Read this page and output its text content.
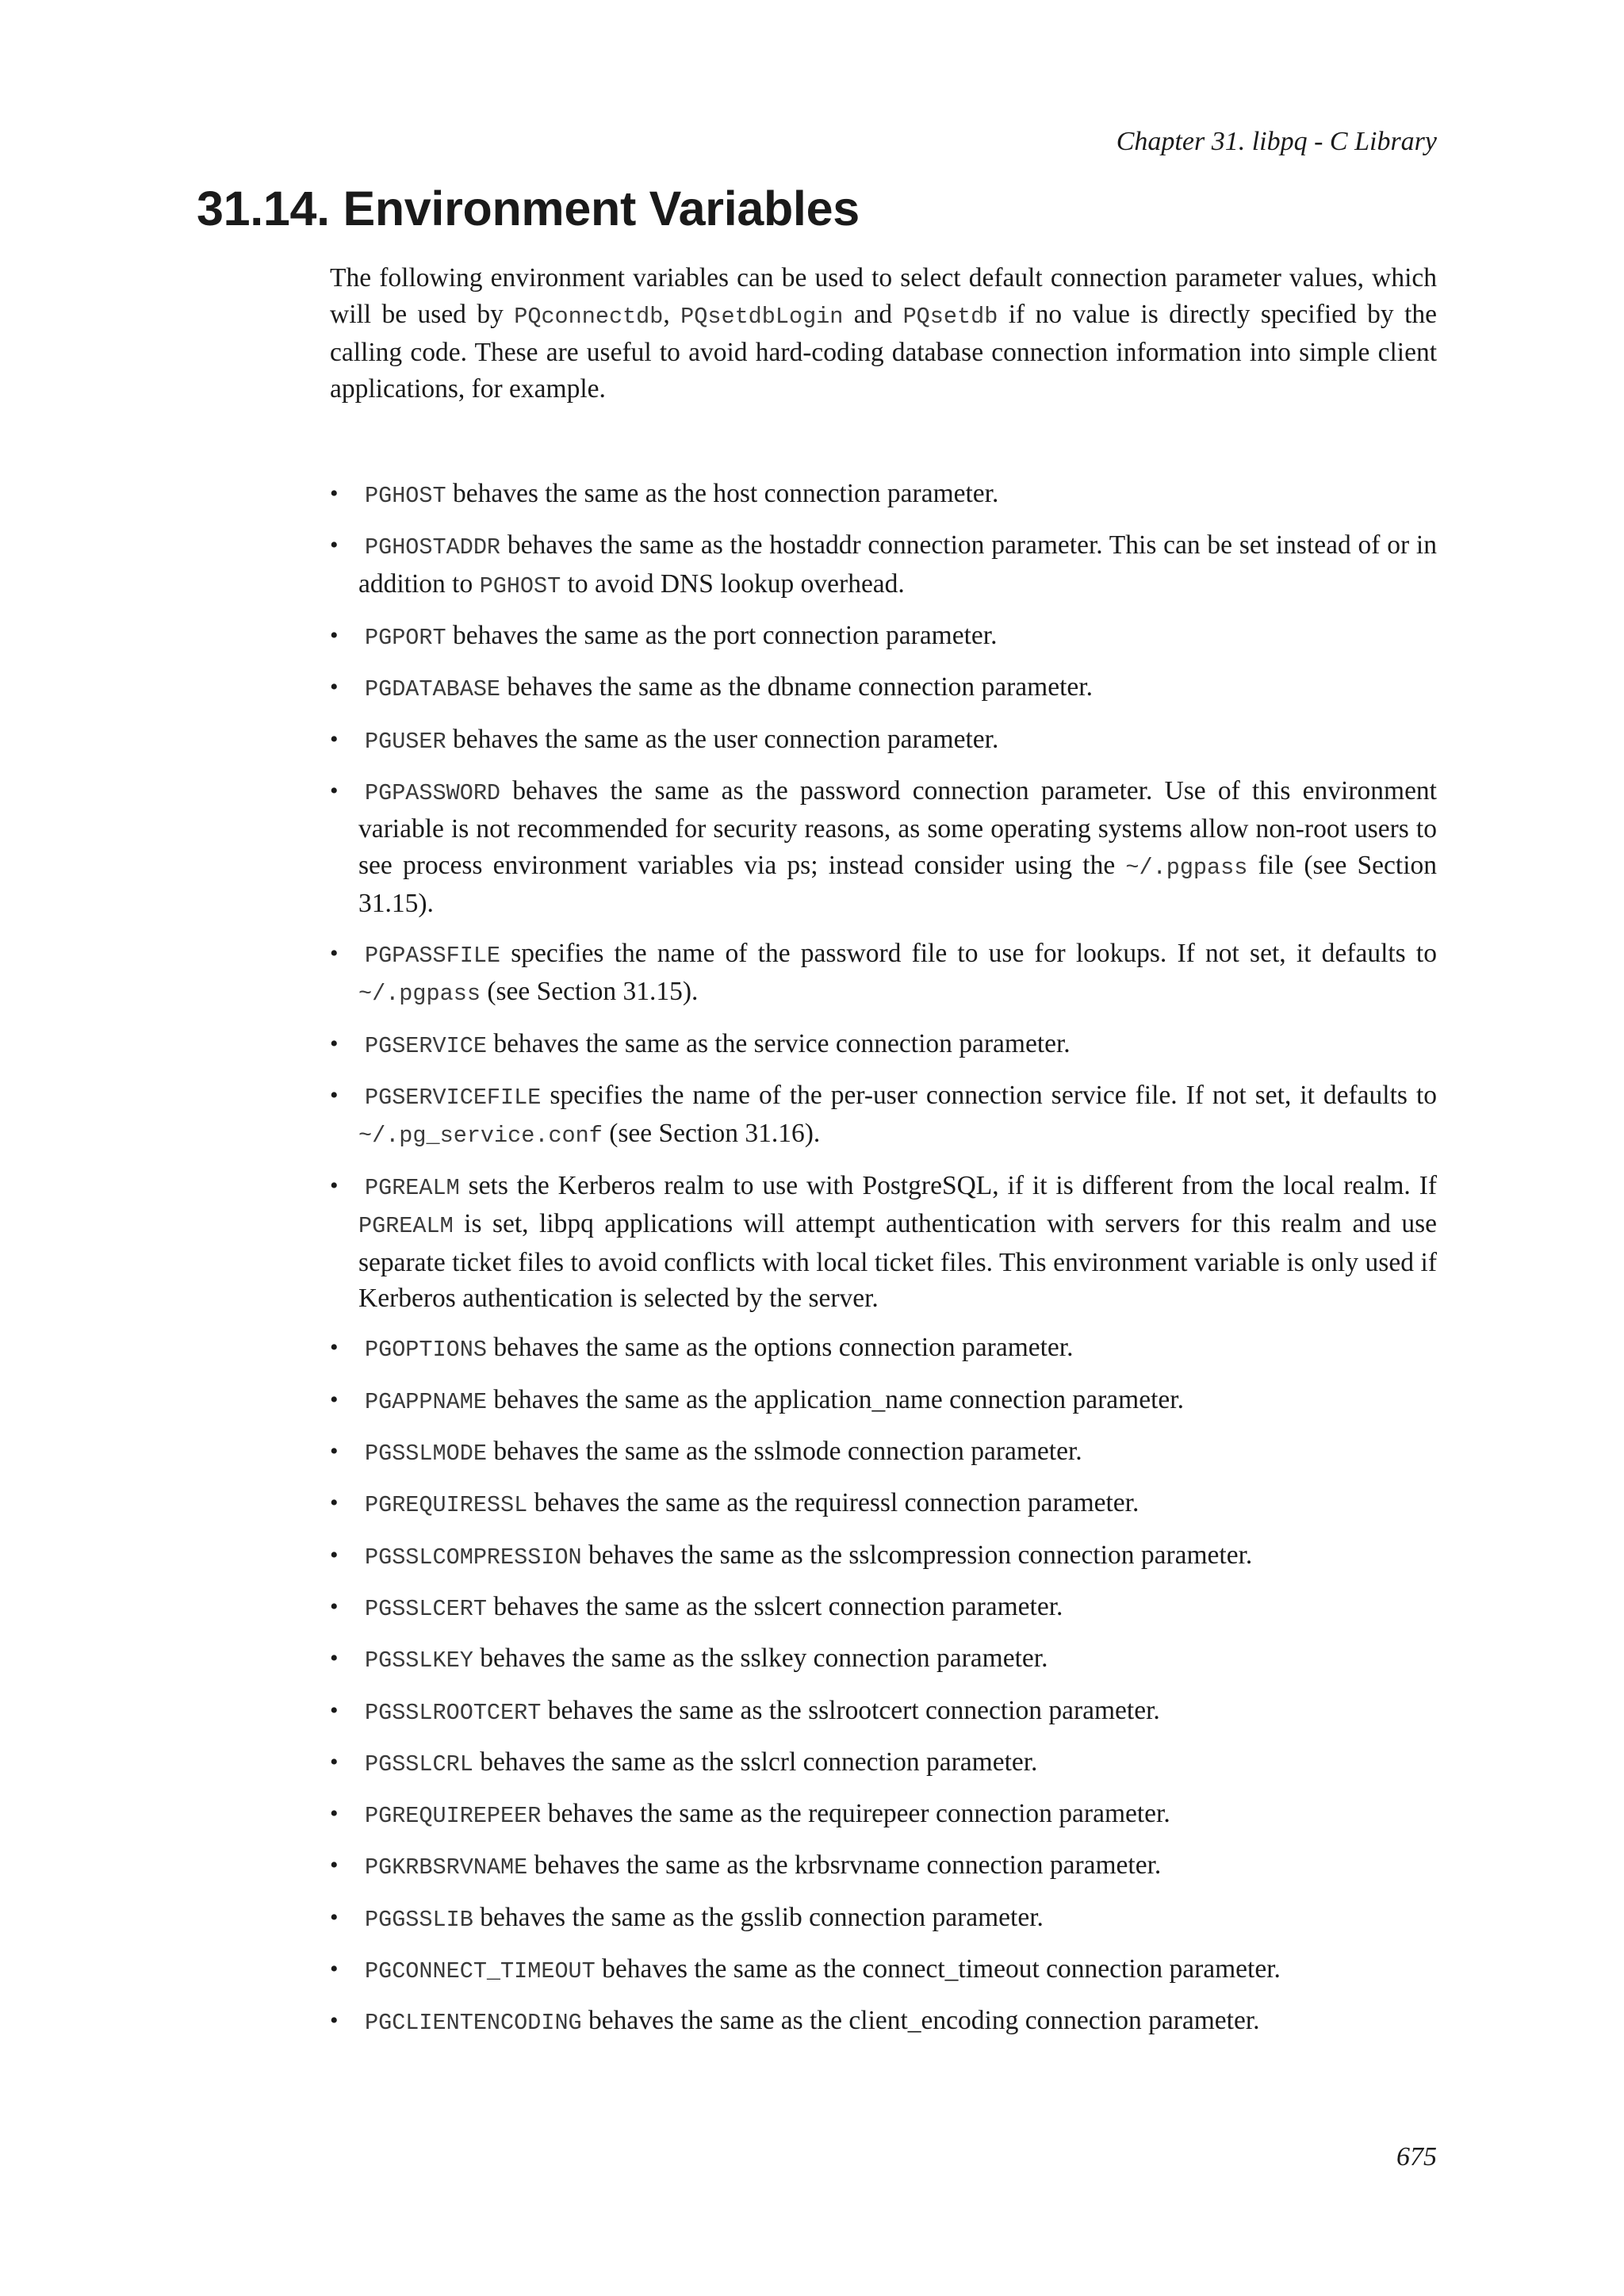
Chapter 31. libpq - C Library
31.14. Environment Variables

The following environment variables can be used to select default connection parameter values, which will be used by PQconnectdb, PQsetdbLogin and PQsetdb if no value is directly specified by the calling code. These are useful to avoid hard-coding database connection information into simple client applications, for example.

•	PGHOST behaves the same as the host connection parameter.
•	PGHOSTADDR behaves the same as the hostaddr connection parameter. This can be set instead of or in addition to PGHOST to avoid DNS lookup overhead.
•	PGPORT behaves the same as the port connection parameter.
•	PGDATABASE behaves the same as the dbname connection parameter.
•	PGUSER behaves the same as the user connection parameter.
•	PGPASSWORD behaves the same as the password connection parameter. Use of this environment variable is not recommended for security reasons, as some operating systems allow non-root users to see process environment variables via ps; instead consider using the ~/.pgpass file (see Section 31.15).
•	PGPASSFILE specifies the name of the password file to use for lookups. If not set, it defaults to ~/.pgpass (see Section 31.15).
•	PGSERVICE behaves the same as the service connection parameter.
•	PGSERVICEFILE specifies the name of the per-user connection service file. If not set, it defaults to ~/.pg_service.conf (see Section 31.16).
•	PGREALM sets the Kerberos realm to use with PostgreSQL, if it is different from the local realm. If PGREALM is set, libpq applications will attempt authentication with servers for this realm and use separate ticket files to avoid conflicts with local ticket files. This environment variable is only used if Kerberos authentication is selected by the server.
•	PGOPTIONS behaves the same as the options connection parameter.
•	PGAPPNAME behaves the same as the application_name connection parameter.
•	PGSSLMODE behaves the same as the sslmode connection parameter.
•	PGREQUIRESSL behaves the same as the requiressl connection parameter.
•	PGSSLCOMPRESSION behaves the same as the sslcompression connection parameter.
•	PGSSLCERT behaves the same as the sslcert connection parameter.
•	PGSSLKEY behaves the same as the sslkey connection parameter.
•	PGSSLROOTCERT behaves the same as the sslrootcert connection parameter.
•	PGSSLCRL behaves the same as the sslcrl connection parameter.
•	PGREQUIREPEER behaves the same as the requirepeer connection parameter.
•	PGKRBSRVNAME behaves the same as the krbsrvname connection parameter.
•	PGGSSLIB behaves the same as the gsslib connection parameter.
•	PGCONNECT_TIMEOUT behaves the same as the connect_timeout connection parameter.
•	PGCLIENTENCODING behaves the same as the client_encoding connection parameter.
675
